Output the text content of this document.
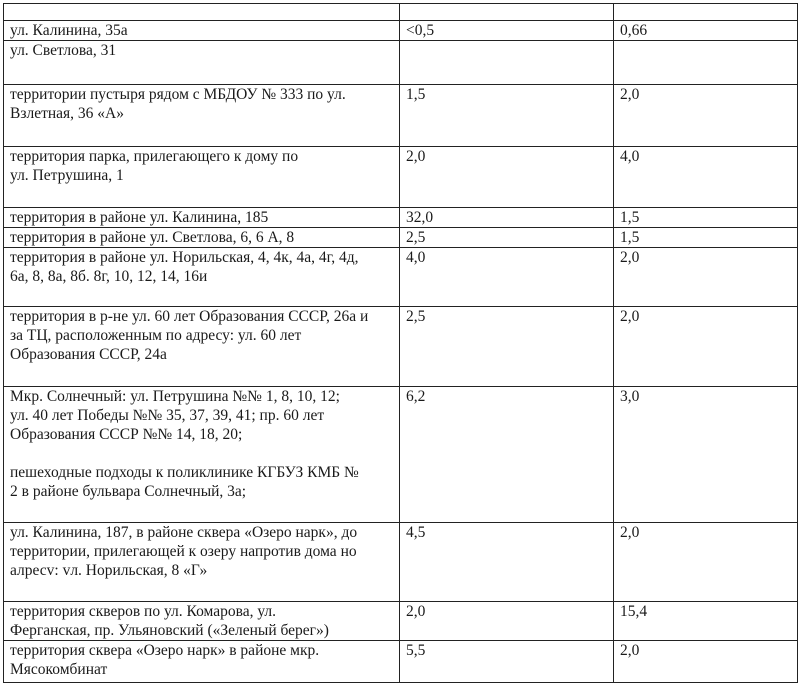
ул. Калинина, 35а	<0,5	0,66

ул. Светлова, 31		

территории пустыря рядом с МБДОУ № 333 по ул.
Взлетная, 36 «А»	1,5	2,0

территория парка, прилегающего к дому по
ул. Петрушина, 1	2,0	4,0

территория в районе ул. Калинина, 185	32,0	1,5

территория в районе ул. Светлова, 6, 6 А, 8	2,5	1,5

территория в районе ул. Норильская, 4, 4к, 4а, 4г, 4д,
6а, 8, 8а, 8б. 8г, 10, 12, 14, 16и	4,0	2,0

территория в р-не ул. 60 лет Образования СССР, 26а и
за ТЦ, расположенным по адресу: ул. 60 лет
Образования СССР, 24а	2,5	2,0

Мкр. Солнечный: ул. Петрушина №№ 1, 8, 10, 12;
ул. 40 лет Победы №№ 35, 37, 39, 41; пр. 60 лет
Образования СССР №№ 14, 18, 20;
пешеходные подходы к поликлинике КГБУЗ КМБ №
2 в районе бульвара Солнечный, 3а;	6,2	3,0

ул. Калинина, 187, в районе сквера «Озеро нарк», до
территории, прилегающей к озеру напротив дома но
алресv: vл. Норильская, 8 «Г»	4,5	2,0

территория скверов по ул. Комарова, ул.
Ферганская, пр. Ульяновский («Зеленый берег»)	2,0	15,4

территория сквера «Озеро нарк» в районе мкр.
Мясокомбинат	5,5	2,0
